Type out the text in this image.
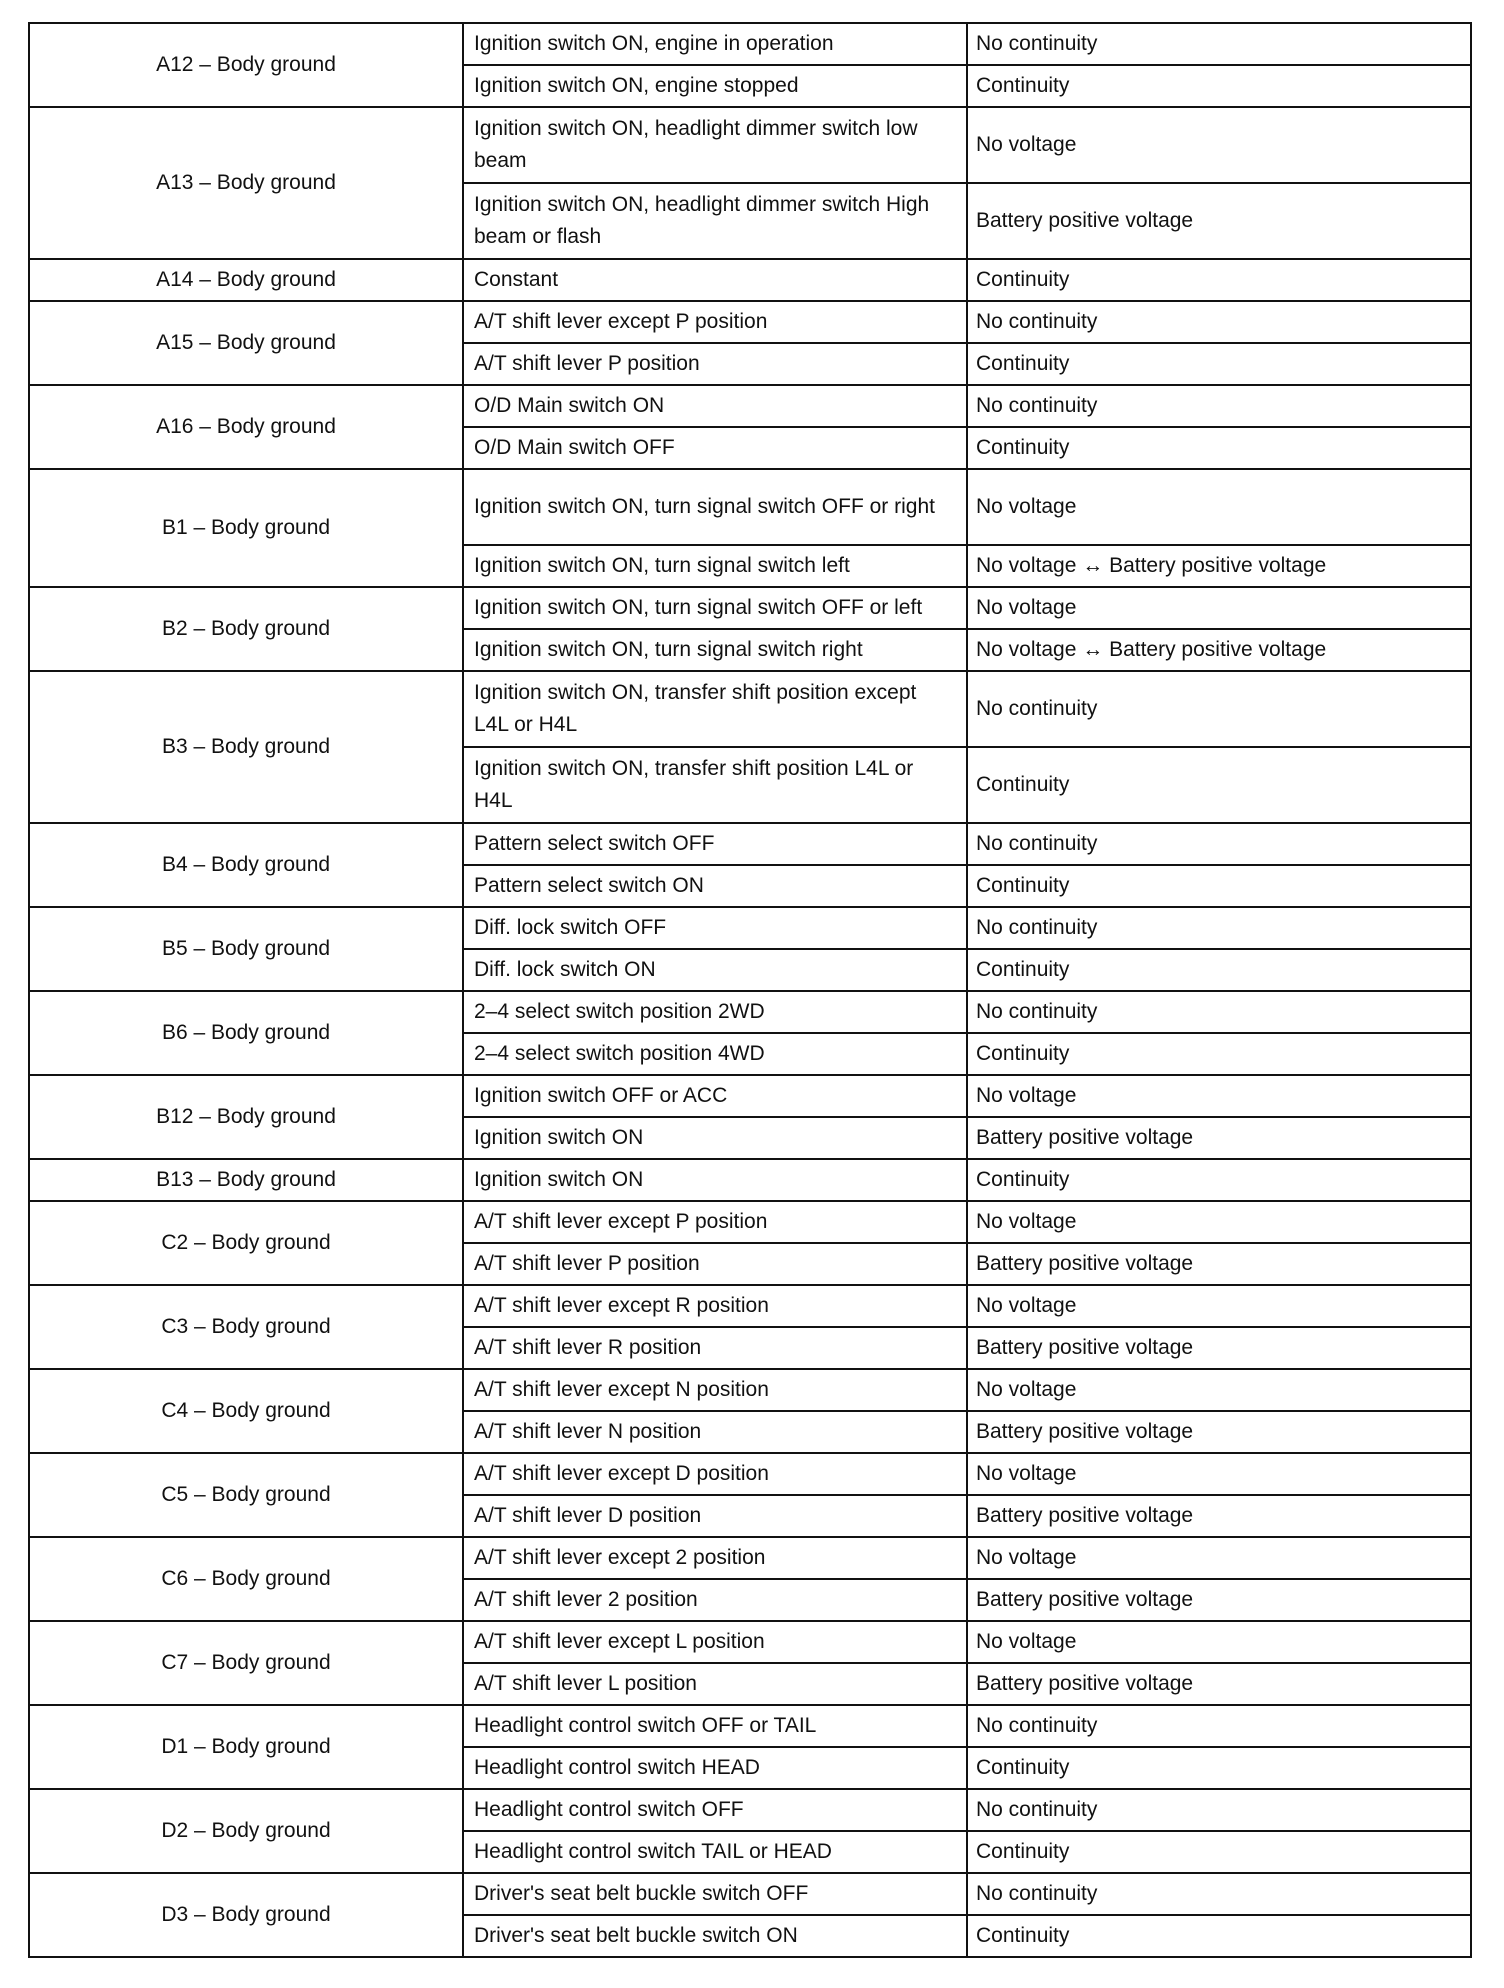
A12 – Body ground	Ignition switch ON, engine in operation	No continuity
	Ignition switch ON, engine stopped	Continuity
A13 – Body ground	Ignition switch ON, headlight dimmer switch low beam	No voltage
	Ignition switch ON, headlight dimmer switch High beam or flash	Battery positive voltage
A14 – Body ground	Constant	Continuity
A15 – Body ground	A/T shift lever except P position	No continuity
	A/T shift lever P position	Continuity
A16 – Body ground	O/D Main switch ON	No continuity
	O/D Main switch OFF	Continuity
B1 – Body ground	Ignition switch ON, turn signal switch OFF or right	No voltage
	Ignition switch ON, turn signal switch left	No voltage ↔ Battery positive voltage
B2 – Body ground	Ignition switch ON, turn signal switch OFF or left	No voltage
	Ignition switch ON, turn signal switch right	No voltage ↔ Battery positive voltage
B3 – Body ground	Ignition switch ON, transfer shift position except L4L or H4L	No continuity
	Ignition switch ON, transfer shift position L4L or H4L	Continuity
B4 – Body ground	Pattern select switch OFF	No continuity
	Pattern select switch ON	Continuity
B5 – Body ground	Diff. lock switch OFF	No continuity
	Diff. lock switch ON	Continuity
B6 – Body ground	2–4 select switch position 2WD	No continuity
	2–4 select switch position 4WD	Continuity
B12 – Body ground	Ignition switch OFF or ACC	No voltage
	Ignition switch ON	Battery positive voltage
B13 – Body ground	Ignition switch ON	Continuity
C2 – Body ground	A/T shift lever except P position	No voltage
	A/T shift lever P position	Battery positive voltage
C3 – Body ground	A/T shift lever except R position	No voltage
	A/T shift lever R position	Battery positive voltage
C4 – Body ground	A/T shift lever except N position	No voltage
	A/T shift lever N position	Battery positive voltage
C5 – Body ground	A/T shift lever except D position	No voltage
	A/T shift lever D position	Battery positive voltage
C6 – Body ground	A/T shift lever except 2 position	No voltage
	A/T shift lever 2 position	Battery positive voltage
C7 – Body ground	A/T shift lever except L position	No voltage
	A/T shift lever L position	Battery positive voltage
D1 – Body ground	Headlight control switch OFF or TAIL	No continuity
	Headlight control switch HEAD	Continuity
D2 – Body ground	Headlight control switch OFF	No continuity
	Headlight control switch TAIL or HEAD	Continuity
D3 – Body ground	Driver's seat belt buckle switch OFF	No continuity
	Driver's seat belt buckle switch ON	Continuity
